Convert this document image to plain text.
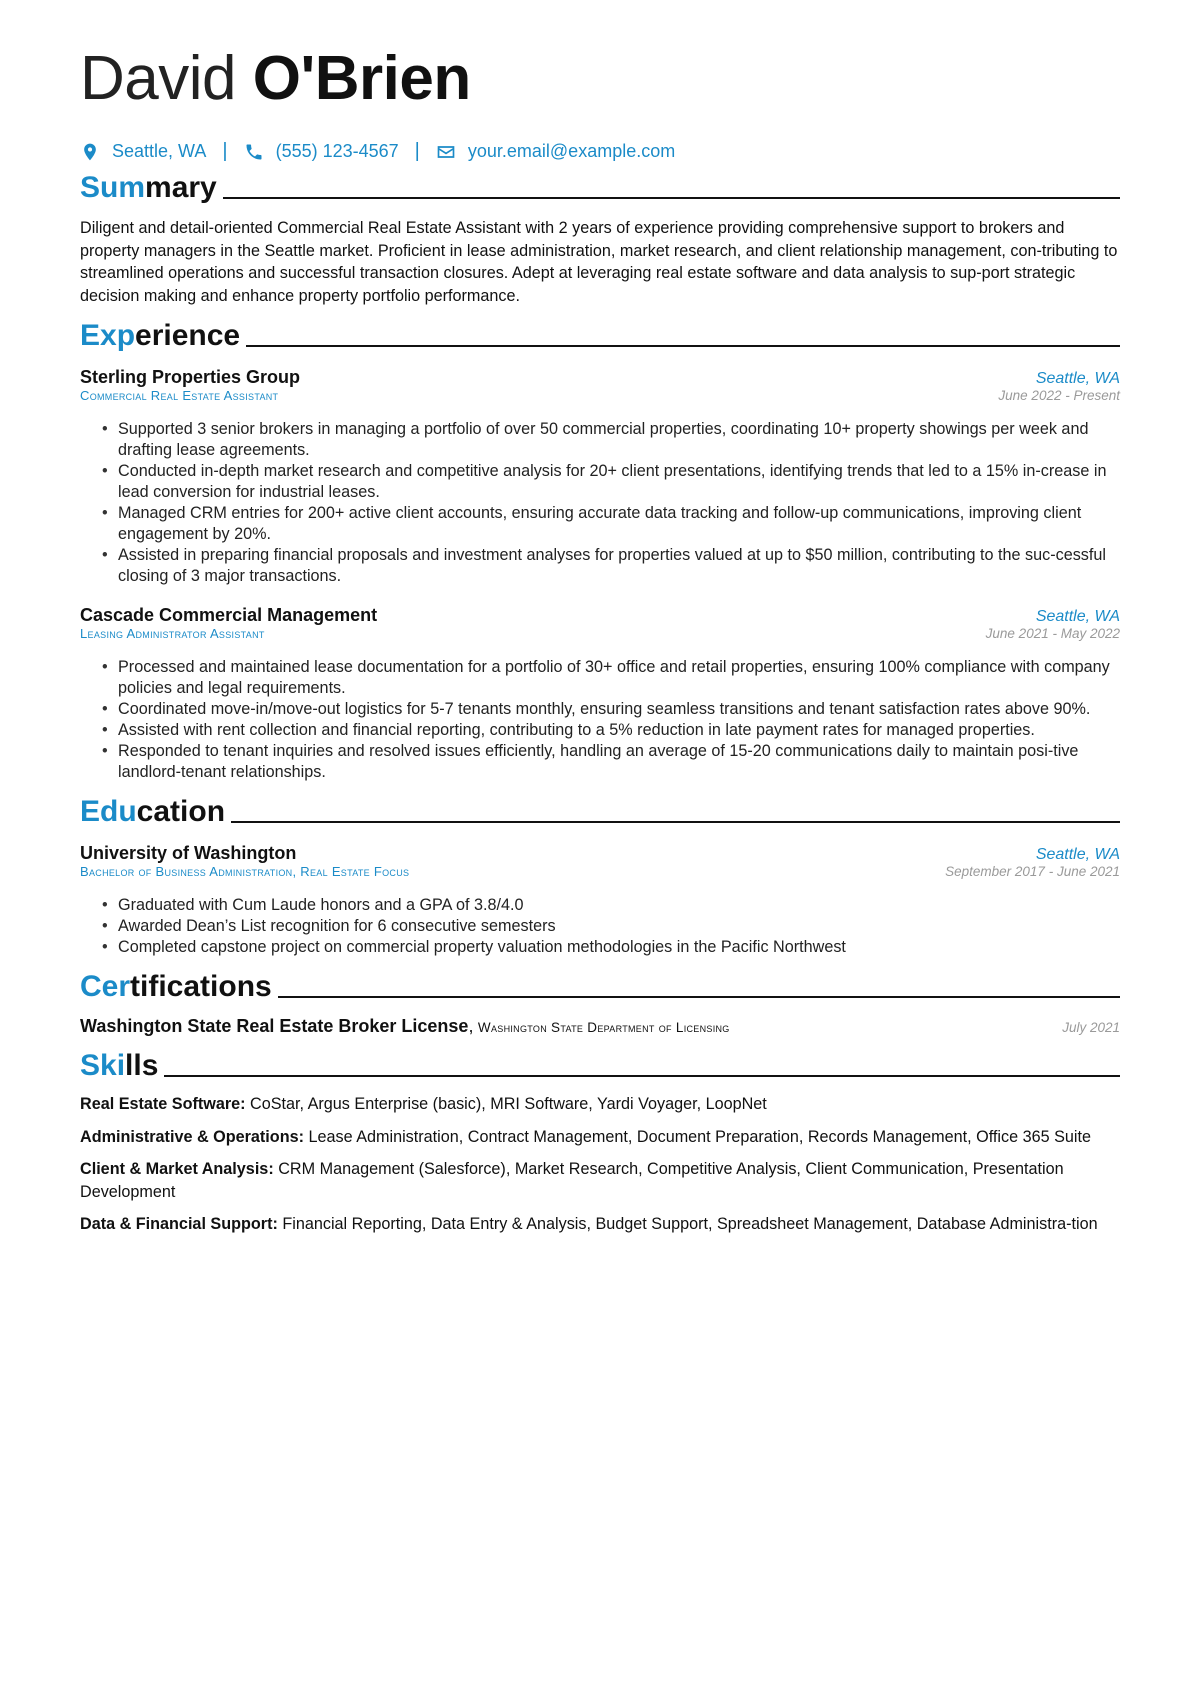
David O'Brien
Seattle, WA |	(555) 123-4567 |	your.email@example.com
Summary
Diligent and detail-oriented Commercial Real Estate Assistant with 2 years of experience providing comprehensive support to brokers and property managers in the Seattle market. Proficient in lease administration, market research, and client relationship management, con-tributing to streamlined operations and successful transaction closures. Adept at leveraging real estate software and data analysis to sup-port strategic decision making and enhance property portfolio performance.
Experience
Sterling Properties Group	Seattle, WA
Commercial Real Estate Assistant	June 2022 - Present
• Supported 3 senior brokers in managing a portfolio of over 50 commercial properties, coordinating 10+ property showings per week and drafting lease agreements.
• Conducted in-depth market research and competitive analysis for 20+ client presentations, identifying trends that led to a 15% in-crease in lead conversion for industrial leases.
• Managed CRM entries for 200+ active client accounts, ensuring accurate data tracking and follow-up communications, improving client engagement by 20%.
• Assisted in preparing financial proposals and investment analyses for properties valued at up to $50 million, contributing to the suc-cessful closing of 3 major transactions.
Cascade Commercial Management	Seattle, WA
Leasing Administrator Assistant	June 2021 - May 2022
• Processed and maintained lease documentation for a portfolio of 30+ office and retail properties, ensuring 100% compliance with company policies and legal requirements.
• Coordinated move-in/move-out logistics for 5-7 tenants monthly, ensuring seamless transitions and tenant satisfaction rates above 90%.
• Assisted with rent collection and financial reporting, contributing to a 5% reduction in late payment rates for managed properties.
• Responded to tenant inquiries and resolved issues efficiently, handling an average of 15-20 communications daily to maintain posi-tive landlord-tenant relationships.
Education
University of Washington	Seattle, WA
Bachelor of Business Administration, Real Estate Focus	September 2017 - June 2021
• Graduated with Cum Laude honors and a GPA of 3.8/4.0
• Awarded Dean’s List recognition for 6 consecutive semesters
• Completed capstone project on commercial property valuation methodologies in the Pacific Northwest
Certifications
Washington State Real Estate Broker License, Washington State Department of Licensing	July 2021
Skills
Real Estate Software: CoStar, Argus Enterprise (basic), MRI Software, Yardi Voyager, LoopNet
Administrative & Operations: Lease Administration, Contract Management, Document Preparation, Records Management, Office 365 Suite
Client & Market Analysis: CRM Management (Salesforce), Market Research, Competitive Analysis, Client Communication, Presentation Development
Data & Financial Support: Financial Reporting, Data Entry & Analysis, Budget Support, Spreadsheet Management, Database Administra-tion
